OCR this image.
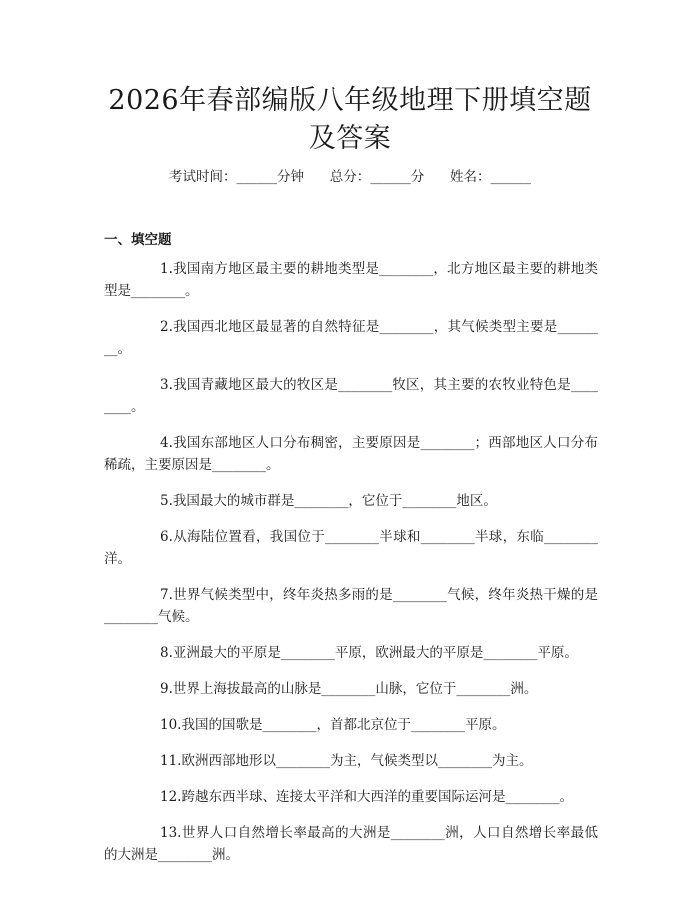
2026年春部编版八年级地理下册填空题及答案
考试时间：______分钟      总分：______分      姓名：______
一、填空题

1.我国南方地区最主要的耕地类型是________，北方地区最主要的耕地类型是________。

2.我国西北地区最显著的自然特征是________，其气候类型主要是________。

3.我国青藏地区最大的牧区是________牧区，其主要的农牧业特色是________。

4.我国东部地区人口分布稠密，主要原因是________；西部地区人口分布稀疏，主要原因是________。

5.我国最大的城市群是________，它位于________地区。

6.从海陆位置看，我国位于________半球和________半球，东临________洋。

7.世界气候类型中，终年炎热多雨的是________气候，终年炎热干燥的是________气候。

8.亚洲最大的平原是________平原，欧洲最大的平原是________平原。

9.世界上海拔最高的山脉是________山脉，它位于________洲。

10.我国的国歌是________，首都北京位于________平原。

11.欧洲西部地形以________为主，气候类型以________为主。

12.跨越东西半球、连接太平洋和大西洋的重要国际运河是________。

13.世界人口自然增长率最高的大洲是________洲，人口自然增长率最低的大洲是________洲。
